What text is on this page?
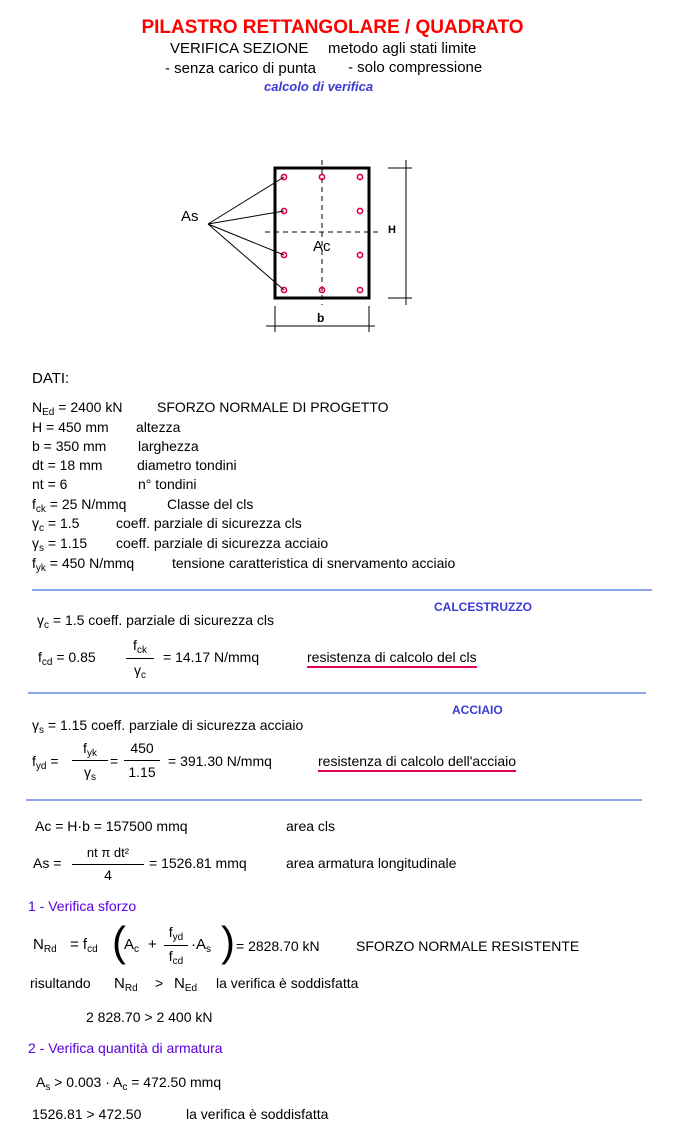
PILASTRO RETTANGOLARE / QUADRATO
VERIFICA SEZIONE metodo agli stati limite
- senza carico di punta - solo compressione
calcolo di verifica
As
Ac
H
b
DATI:
$N_{Ed} = 2400$ kN SFORZO NORMALE DI PROGETTO
H = 450 mm altezza
b = 350 mm larghezza
dt = 18 mm diametro tondini
nt = 6	n° tondini
$f_{ck} = 25$ N/mmq	Classe del cls
$\gamma_c = 1.5$	coeff. parziale di sicurezza cls
$\gamma_s = 1.15$ coeff. parziale di sicurezza acciaio
$f_{yk} = 450$ N/mmq	tensione caratteristica di snervamento acciaio
CALCESTRUZZO
$\gamma_c = 1.5$ coeff. parziale di sicurezza cls
$f_{cd} = 0.85$
$f_{ck}$
$\gamma_c$
= 14.17 N/mmq	resistenza di calcolo del cls
ACCIAIO
$\gamma_s = 1.15$ coeff. parziale di sicurezza acciaio
$f_{yd}$ =
$f_{yk}$
$\gamma_s$
=
450
1.15
= 391.30 N/mmq	resistenza di calcolo dell'acciaio
Ac = H·b = 157500 mmq	area cls
As =
nt π dt²
4
= 1526.81 mmq	area armatura longitudinale
1 - Verifica sforzo
$N_{Rd} = f_{cd}$ (
$A_c$ +
$f_{yd}$
$f_{cd}$
$\cdot A_s$ ) = 2828.70 kN	SFORZO NORMALE RESISTENTE
risultando $N_{Rd} > N_{Ed}$ la verifica è soddisfatta
2 828.70 > 2 400 kN
2 - Verifica quantità di armatura
$A_s > 0.003 \cdot A_c = 472.50$ mmq
1526.81 > 472.50	la verifica è soddisfatta
